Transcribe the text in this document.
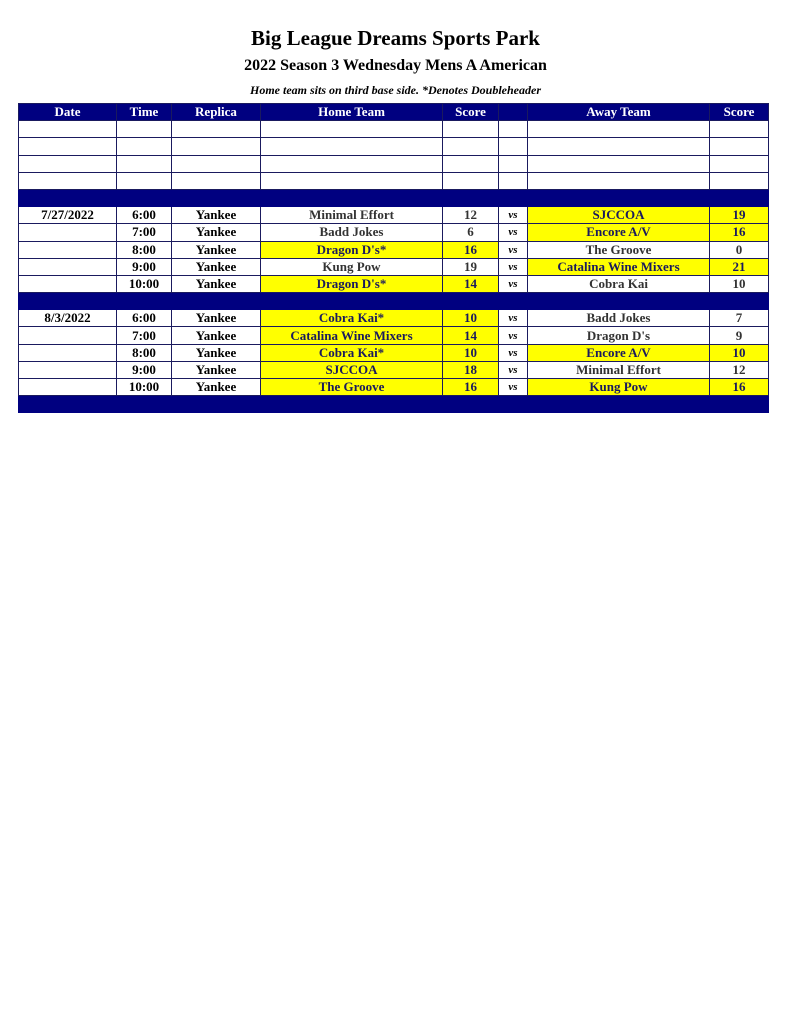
Big League Dreams Sports Park
2022 Season 3 Wednesday Mens A American
Home team sits on third base side. *Denotes Doubleheader
Date	Time	Replica	Home Team	Score		Away Team	Score

7/27/2022	6:00	Yankee	Minimal Effort	12	vs	SJCCOA	19
	7:00	Yankee	Badd Jokes	6	vs	Encore A/V	16
	8:00	Yankee	Dragon D's*	16	vs	The Groove	0
	9:00	Yankee	Kung Pow	19	vs	Catalina Wine Mixers	21
	10:00	Yankee	Dragon D's*	14	vs	Cobra Kai	10

8/3/2022	6:00	Yankee	Cobra Kai*	10	vs	Badd Jokes	7
	7:00	Yankee	Catalina Wine Mixers	14	vs	Dragon D's	9
	8:00	Yankee	Cobra Kai*	10	vs	Encore A/V	10
	9:00	Yankee	SJCCOA	18	vs	Minimal Effort	12
	10:00	Yankee	The Groove	16	vs	Kung Pow	16
